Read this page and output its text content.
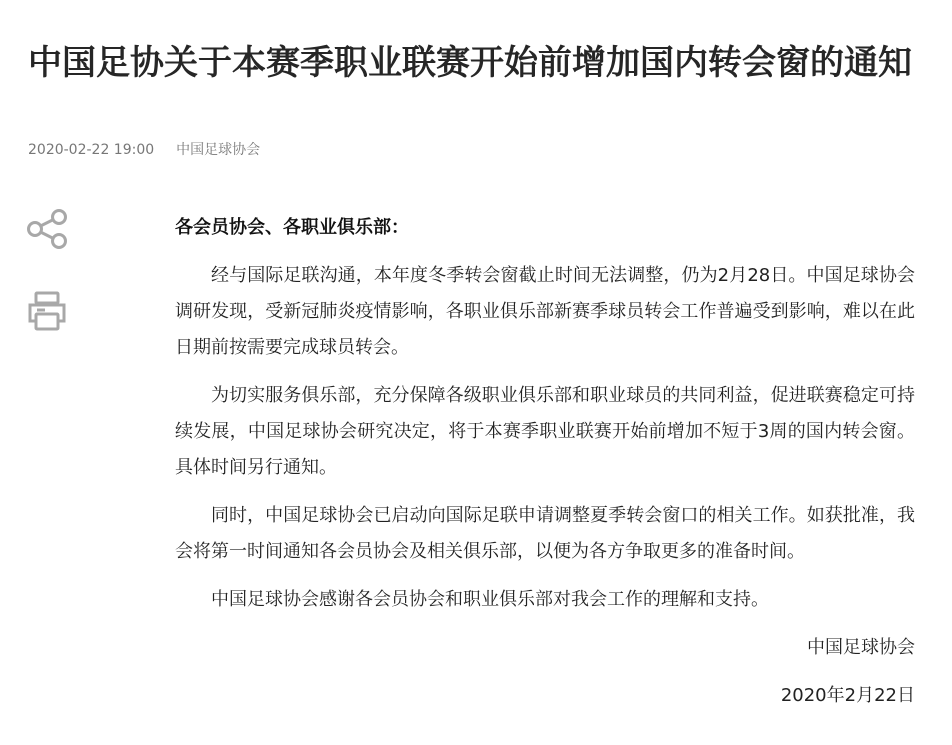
中国足协关于本赛季职业联赛开始前增加国内转会窗的通知
2020-02-22 19:00 中国足球协会

各会员协会、各职业俱乐部：

经与国际足联沟通，本年度冬季转会窗截止时间无法调整，仍为2月28日。中国足球协会调研发现，受新冠肺炎疫情影响，各职业俱乐部新赛季球员转会工作普遍受到影响，难以在此日期前按需要完成球员转会。

为切实服务俱乐部，充分保障各级职业俱乐部和职业球员的共同利益，促进联赛稳定可持续发展，中国足球协会研究决定，将于本赛季职业联赛开始前增加不短于3周的国内转会窗。具体时间另行通知。

同时，中国足球协会已启动向国际足联申请调整夏季转会窗口的相关工作。如获批准，我会将第一时间通知各会员协会及相关俱乐部，以便为各方争取更多的准备时间。

中国足球协会感谢各会员协会和职业俱乐部对我会工作的理解和支持。

中国足球协会

2020年2月22日
